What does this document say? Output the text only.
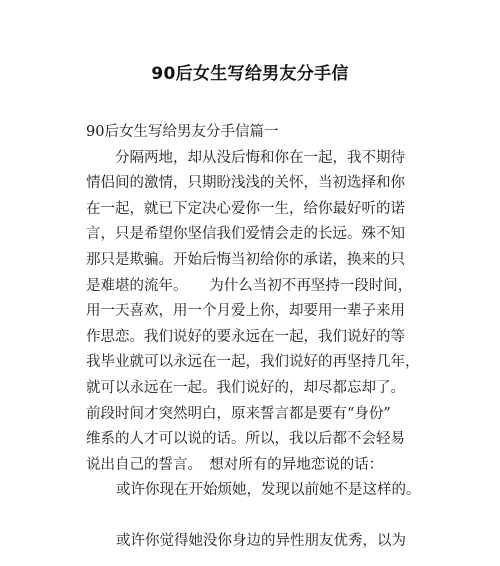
90后女生写给男友分手信
90后女生写给男友分手信篇一
分隔两地，却从没后悔和你在一起，我不期待
情侣间的激情，只期盼浅浅的关怀，当初选择和你
在一起，就已下定决心爱你一生，给你最好听的诺
言，只是希望你坚信我们爱情会走的长远。殊不知
那只是欺骗。开始后悔当初给你的承诺，换来的只
是难堪的流年。　　为什么当初不再坚持一段时间，
用一天喜欢，用一个月爱上你，却要用一辈子来用
作思恋。我们说好的要永远在一起，我们说好的等
我毕业就可以永远在一起，我们说好的再坚持几年，
就可以永远在一起。我们说好的，却尽都忘却了。
前段时间才突然明白，原来誓言都是要有“身份”
维系的人才可以说的话。所以，我以后都不会轻易
说出自己的誓言。　想对所有的异地恋说的话：
或许你现在开始烦她，发现以前她不是这样的。
或许你觉得她没你身边的异性朋友优秀，以为
